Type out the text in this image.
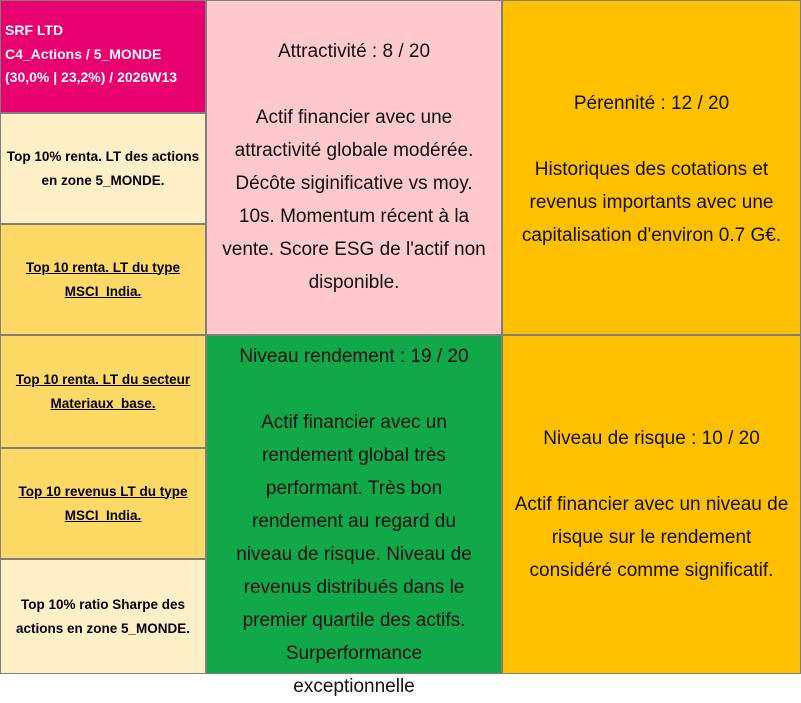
SRF LTD
C4_Actions / 5_MONDE
(30,0% | 23,2%) / 2026W13
Top 10% renta. LT des actions en zone 5_MONDE.
Top 10 renta. LT du type MSCI_India.
Top 10 renta. LT du secteur Materiaux_base.
Top 10 revenus LT du type MSCI_India.
Top 10% ratio Sharpe des actions en zone 5_MONDE.
Attractivité : 8 / 20
Actif financier avec une attractivité globale modérée. Décôte siginificative vs moy. 10s. Momentum récent à la vente. Score ESG de l'actif non disponible.
Pérennité : 12 / 20
Historiques des cotations et revenus importants avec une capitalisation d'environ 0.7 G€.
Niveau rendement : 19 / 20
Actif financier avec un rendement global très performant. Très bon rendement au regard du niveau de risque. Niveau de revenus distribués dans le premier quartile des actifs. Surperformance exceptionnelle
Niveau de risque : 10 / 20
Actif financier avec un niveau de risque sur le rendement considéré comme significatif.
